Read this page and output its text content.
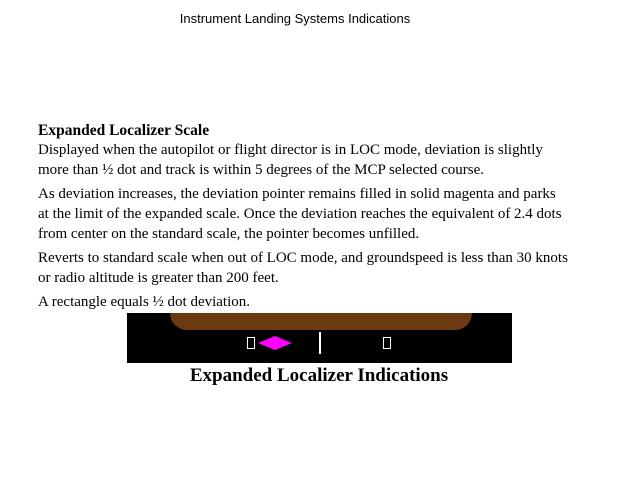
Instrument Landing Systems Indications

Expanded Localizer Scale

Displayed when the autopilot or flight director is in LOC mode, deviation is slightly more than ½ dot and track is within 5 degrees of the MCP selected course.

As deviation increases, the deviation pointer remains filled in solid magenta and parks at the limit of the expanded scale. Once the deviation reaches the equivalent of 2.4 dots from center on the standard scale, the pointer becomes unfilled.

Reverts to standard scale when out of LOC mode, and groundspeed is less than 30 knots or radio altitude is greater than 200 feet.

A rectangle equals ½ dot deviation.

Expanded Localizer Indications
